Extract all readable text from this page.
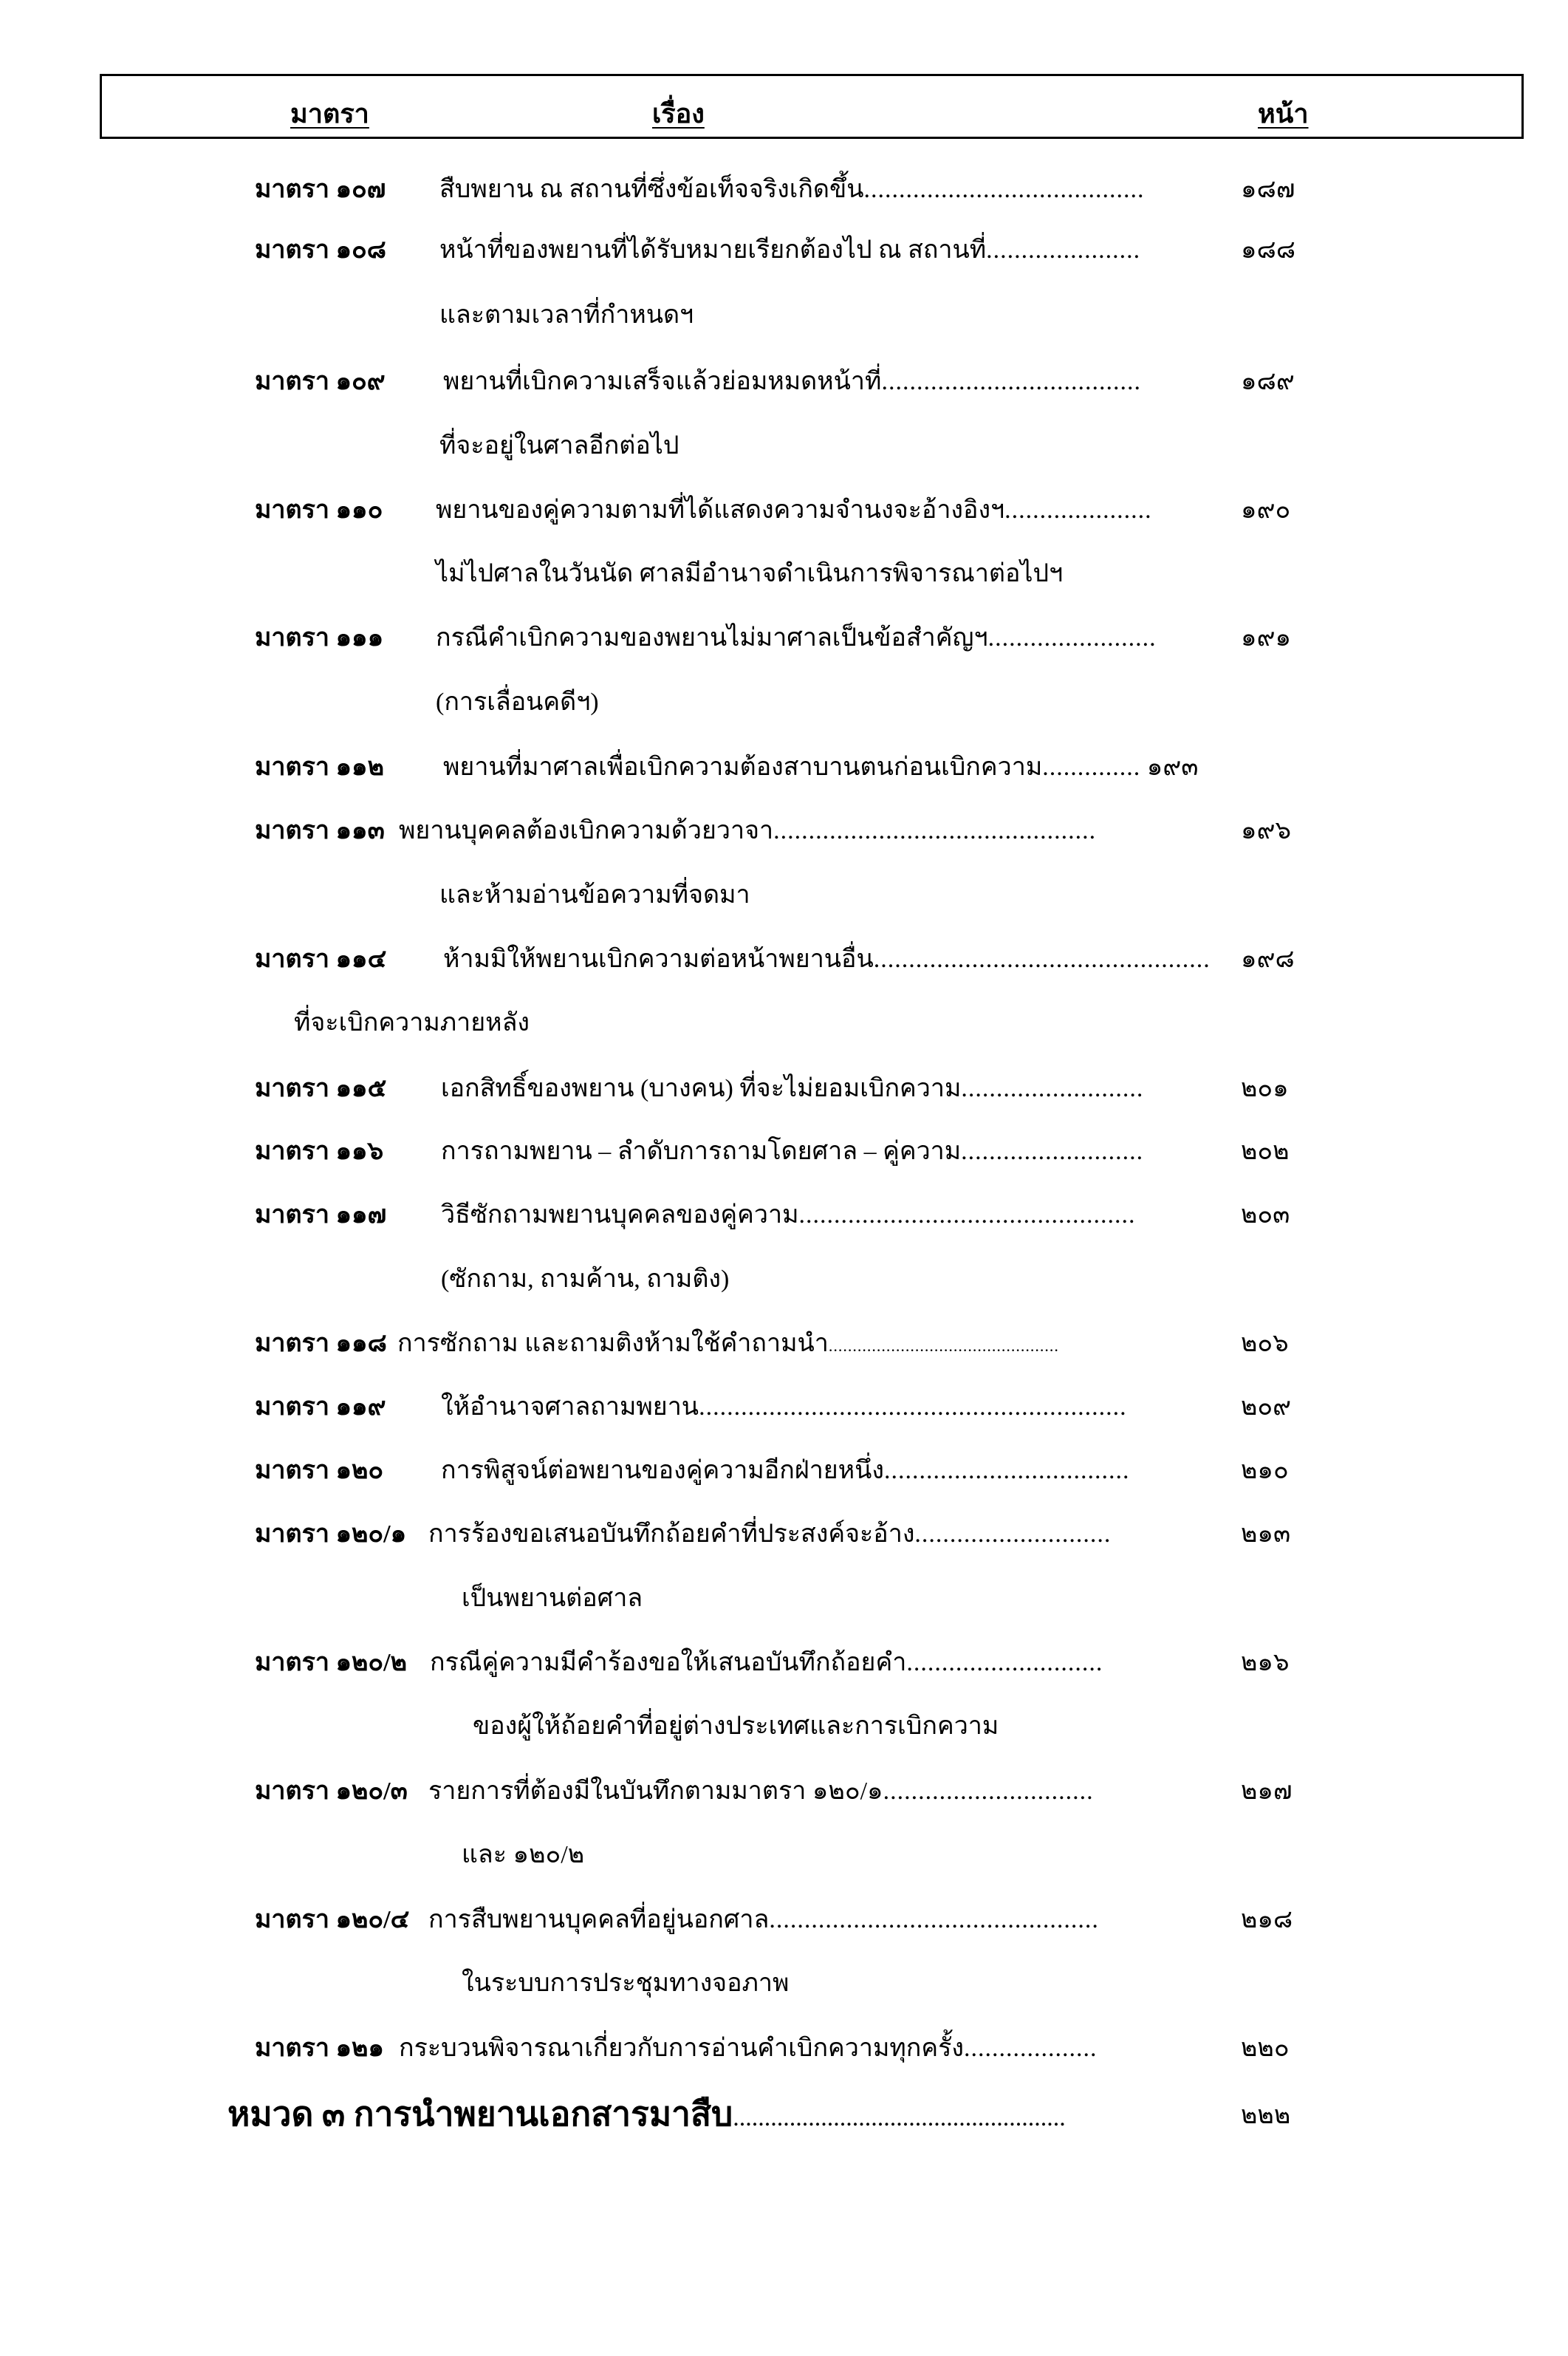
มาตรา	เรื่อง	หน้า
มาตรา ๑๐๗ สืบพยาน ณ สถานที่ซึ่งข้อเท็จจริงเกิดขึ้น........................................	๑๘๗
มาตรา ๑๐๘ หน้าที่ของพยานที่ได้รับหมายเรียกต้องไป ณ สถานที่......................	๑๘๘
และตามเวลาที่กำหนดฯ
มาตรา ๑๐๙ พยานที่เบิกความเสร็จแล้วย่อมหมดหน้าที่.....................................	๑๘๙
ที่จะอยู่ในศาลอีกต่อไป
มาตรา ๑๑๐ พยานของคู่ความตามที่ได้แสดงความจำนงจะอ้างอิงฯ.....................	๑๙๐
ไม่ไปศาลในวันนัด ศาลมีอำนาจดำเนินการพิจารณาต่อไปฯ
มาตรา ๑๑๑ กรณีคำเบิกความของพยานไม่มาศาลเป็นข้อสำคัญฯ........................	๑๙๑
(การเลื่อนคดีฯ)
มาตรา ๑๑๒ พยานที่มาศาลเพื่อเบิกความต้องสาบานตนก่อนเบิกความ.............. ๑๙๓
มาตรา ๑๑๓ พยานบุคคลต้องเบิกความด้วยวาจา..............................................	๑๙๖
และห้ามอ่านข้อความที่จดมา
มาตรา ๑๑๔ ห้ามมิให้พยานเบิกความต่อหน้าพยานอื่น................................................ ๑๙๘
ที่จะเบิกความภายหลัง
มาตรา ๑๑๕ เอกสิทธิ์ของพยาน (บางคน) ที่จะไม่ยอมเบิกความ..........................	๒๐๑
มาตรา ๑๑๖ การถามพยาน – ลำดับการถามโดยศาล – คู่ความ..........................	๒๐๒
มาตรา ๑๑๗ วิธีซักถามพยานบุคคลของคู่ความ................................................	๒๐๓
(ซักถาม, ถามค้าน, ถามติง)
มาตรา ๑๑๘ การซักถาม และถามติงห้ามใช้คำถามนำ................................................	๒๐๖
มาตรา ๑๑๙ ให้อำนาจศาลถามพยาน.............................................................	๒๐๙
มาตรา ๑๒๐ การพิสูจน์ต่อพยานของคู่ความอีกฝ่ายหนึ่ง...................................	๒๑๐
มาตรา ๑๒๐/๑ การร้องขอเสนอบันทึกถ้อยคำที่ประสงค์จะอ้าง............................	๒๑๓
เป็นพยานต่อศาล
มาตรา ๑๒๐/๒ กรณีคู่ความมีคำร้องขอให้เสนอบันทึกถ้อยคำ............................	๒๑๖
ของผู้ให้ถ้อยคำที่อยู่ต่างประเทศและการเบิกความ
มาตรา ๑๒๐/๓ รายการที่ต้องมีในบันทึกตามมาตรา ๑๒๐/๑..............................	๒๑๗
และ ๑๒๐/๒
มาตรา ๑๒๐/๔ การสืบพยานบุคคลที่อยู่นอกศาล...............................................	๒๑๘
ในระบบการประชุมทางจอภาพ
มาตรา ๑๒๑ กระบวนพิจารณาเกี่ยวกับการอ่านคำเบิกความทุกครั้ง...................	๒๒๐
หมวด ๓ การนำพยานเอกสารมาสืบ.....................................................	๒๒๒
